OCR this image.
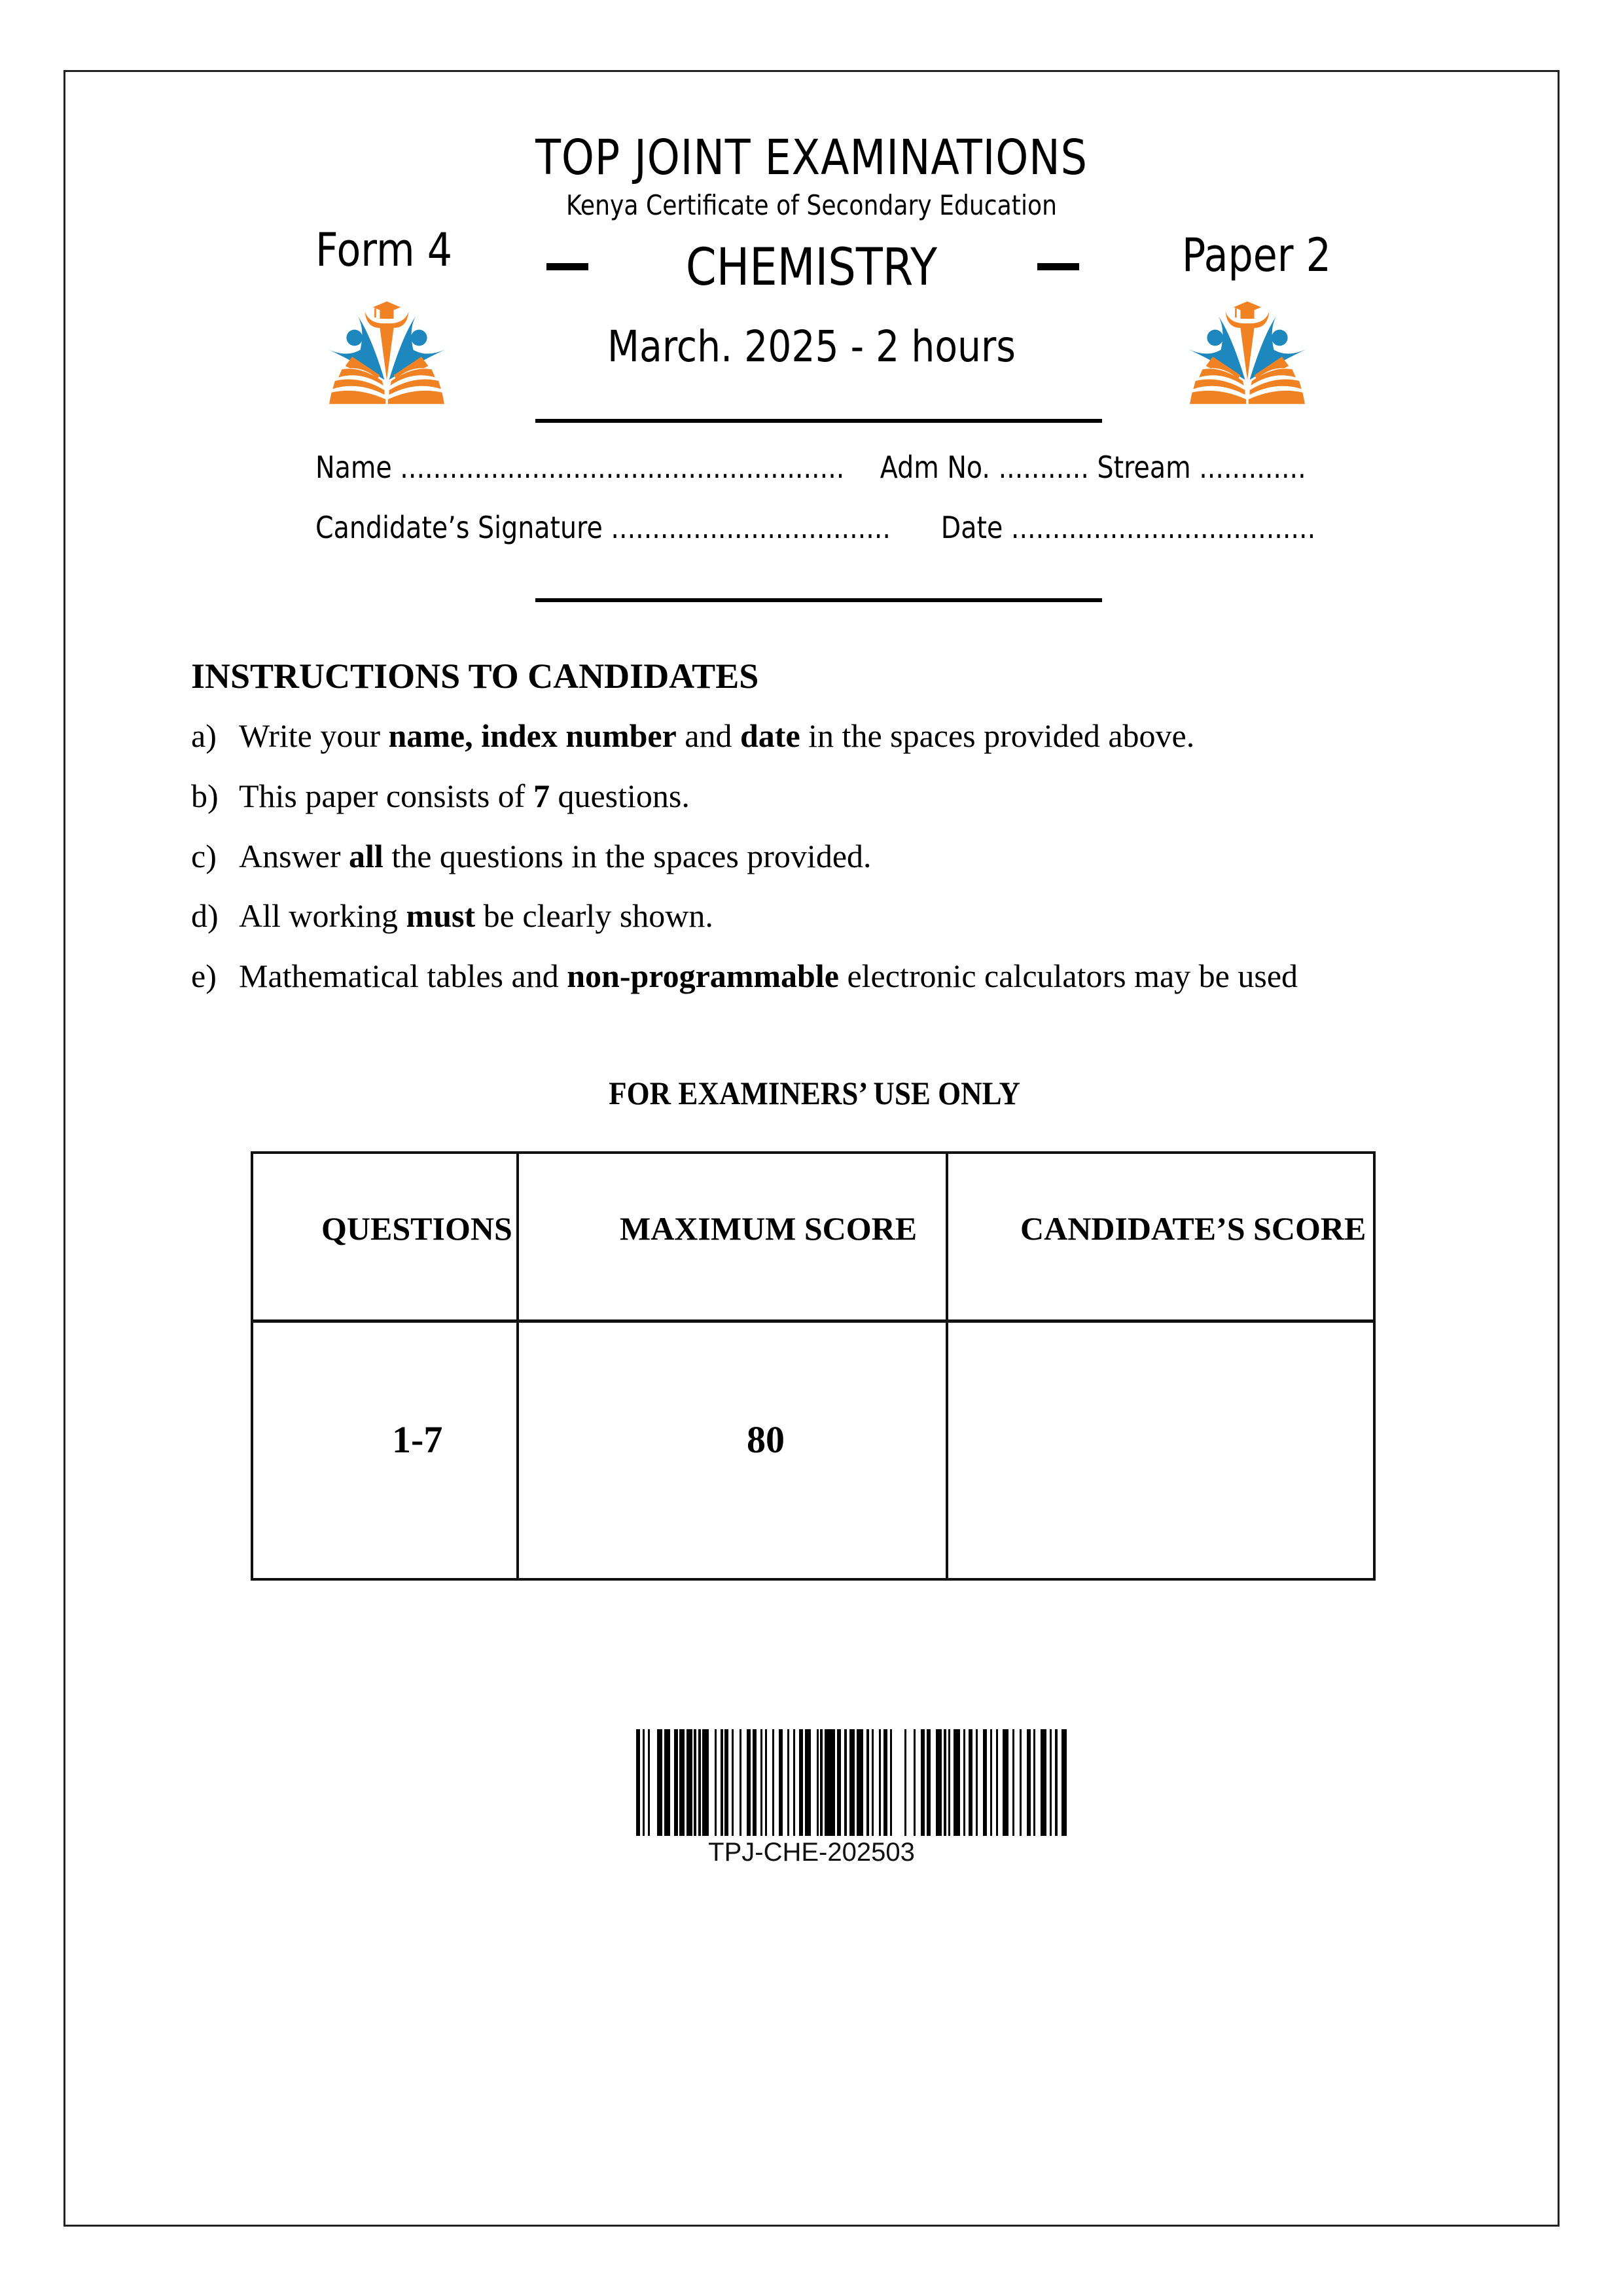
TOP JOINT EXAMINATIONS
Kenya Certificate of Secondary Education
Form 4	CHEMISTRY	Paper 2
March. 2025 - 2 hours
Name ...................................................... Adm No. ........... Stream .............
Candidate’s Signature .................................. Date .....................................
INSTRUCTIONS TO CANDIDATES
a) Write your name, index number and date in the spaces provided above.
b) This paper consists of 7 questions.
c) Answer all the questions in the spaces provided.
d) All working must be clearly shown.
e) Mathematical tables and non-programmable electronic calculators may be used
FOR EXAMINERS’ USE ONLY
QUESTIONS	MAXIMUM SCORE	CANDIDATE’S SCORE
1-7	80
TPJ-CHE-202503
